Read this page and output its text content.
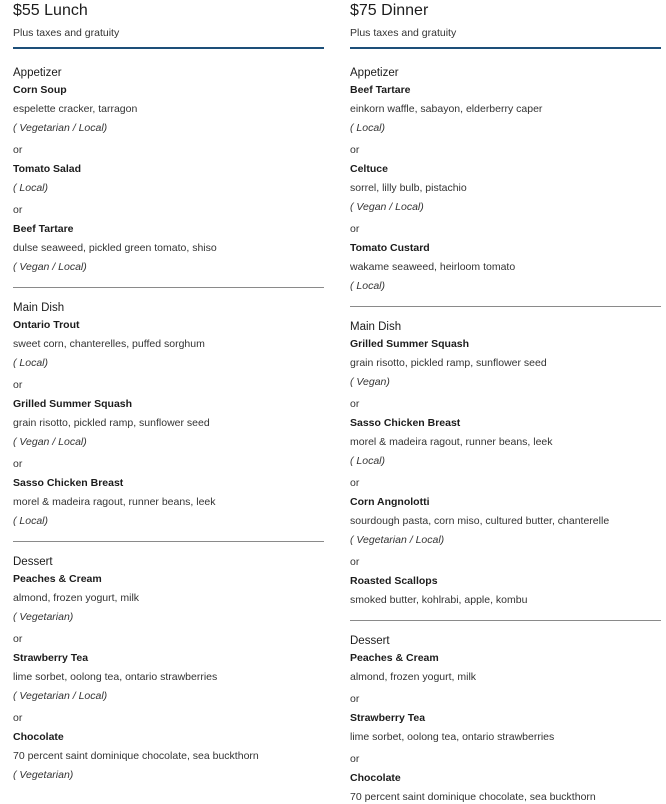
$55 Lunch
Plus taxes and gratuity
Appetizer
Corn Soup
espelette cracker, tarragon
( Vegetarian / Local)
or
Tomato Salad
( Local)
or
Beef Tartare
dulse seaweed, pickled green tomato, shiso
( Vegan / Local)
Main Dish
Ontario Trout
sweet corn, chanterelles, puffed sorghum
( Local)
or
Grilled Summer Squash
grain risotto, pickled ramp, sunflower seed
( Vegan / Local)
or
Sasso Chicken Breast
morel & madeira ragout, runner beans, leek
( Local)
Dessert
Peaches & Cream
almond, frozen yogurt, milk
( Vegetarian)
or
Strawberry Tea
lime sorbet, oolong tea, ontario strawberries
( Vegetarian / Local)
or
Chocolate
70 percent saint dominique chocolate, sea buckthorn
( Vegetarian)
$75 Dinner
Plus taxes and gratuity
Appetizer
Beef Tartare
einkorn waffle, sabayon, elderberry caper
( Local)
or
Celtuce
sorrel, lilly bulb, pistachio
( Vegan / Local)
or
Tomato Custard
wakame seaweed, heirloom tomato
( Local)
Main Dish
Grilled Summer Squash
grain risotto, pickled ramp, sunflower seed
( Vegan)
or
Sasso Chicken Breast
morel & madeira ragout, runner beans, leek
( Local)
or
Corn Angnolotti
sourdough pasta, corn miso, cultured butter, chanterelle
( Vegetarian / Local)
or
Roasted Scallops
smoked butter, kohlrabi, apple, kombu
Dessert
Peaches & Cream
almond, frozen yogurt, milk
or
Strawberry Tea
lime sorbet, oolong tea, ontario strawberries
or
Chocolate
70 percent saint dominique chocolate, sea buckthorn
